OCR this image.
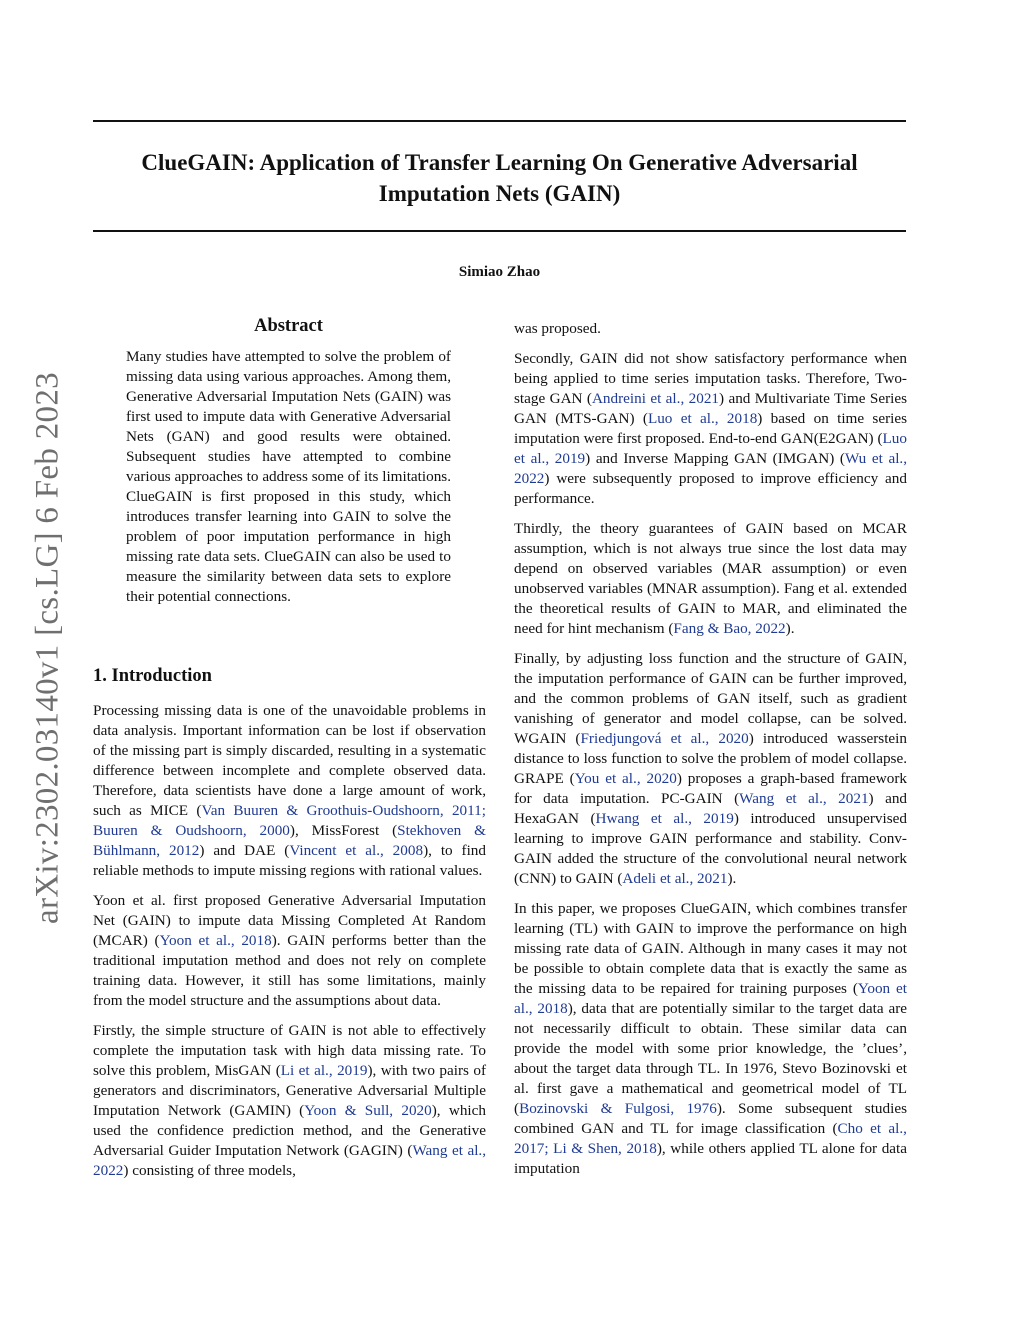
ClueGAIN: Application of Transfer Learning On Generative Adversarial
Imputation Nets (GAIN)
Simiao Zhao
arXiv:2302.03140v1 [cs.LG] 6 Feb 2023
Abstract

Many studies have attempted to solve the problem of missing data using various approaches. Among them, Generative Adversarial Imputation Nets (GAIN) was first used to impute data with Generative Adversarial Nets (GAN) and good results were obtained. Subsequent studies have attempted to combine various approaches to address some of its limitations. ClueGAIN is first proposed in this study, which introduces transfer learning into GAIN to solve the problem of poor imputation performance in high missing rate data sets. ClueGAIN can also be used to measure the similarity between data sets to explore their potential connections.

1. Introduction

Processing missing data is one of the unavoidable problems in data analysis. Important information can be lost if observation of the missing part is simply discarded, resulting in a systematic difference between incomplete and complete observed data. Therefore, data scientists have done a large amount of work, such as MICE (Van Buuren & Groothuis-Oudshoorn, 2011; Buuren & Oudshoorn, 2000), MissForest (Stekhoven & Bühlmann, 2012) and DAE (Vincent et al., 2008), to find reliable methods to impute missing regions with rational values.

Yoon et al. first proposed Generative Adversarial Imputation Net (GAIN) to impute data Missing Completed At Random (MCAR) (Yoon et al., 2018). GAIN performs better than the traditional imputation method and does not rely on complete training data. However, it still has some limitations, mainly from the model structure and the assumptions about data.

Firstly, the simple structure of GAIN is not able to effectively complete the imputation task with high data missing rate. To solve this problem, MisGAN (Li et al., 2019), with two pairs of generators and discriminators, Generative Adversarial Multiple Imputation Network (GAMIN) (Yoon & Sull, 2020), which used the confidence prediction method, and the Generative Adversarial Guider Imputation Network (GAGIN) (Wang et al., 2022) consisting of three models,

was proposed.

Secondly, GAIN did not show satisfactory performance when being applied to time series imputation tasks. Therefore, Two-stage GAN (Andreini et al., 2021) and Multivariate Time Series GAN (MTS-GAN) (Luo et al., 2018) based on time series imputation were first proposed. End-to-end GAN(E2GAN) (Luo et al., 2019) and Inverse Mapping GAN (IMGAN) (Wu et al., 2022) were subsequently proposed to improve efficiency and performance.

Thirdly, the theory guarantees of GAIN based on MCAR assumption, which is not always true since the lost data may depend on observed variables (MAR assumption) or even unobserved variables (MNAR assumption). Fang et al. extended the theoretical results of GAIN to MAR, and eliminated the need for hint mechanism (Fang & Bao, 2022).

Finally, by adjusting loss function and the structure of GAIN, the imputation performance of GAIN can be further improved, and the common problems of GAN itself, such as gradient vanishing of generator and model collapse, can be solved. WGAIN (Friedjungová et al., 2020) introduced wasserstein distance to loss function to solve the problem of model collapse. GRAPE (You et al., 2020) proposes a graph-based framework for data imputation. PC-GAIN (Wang et al., 2021) and HexaGAN (Hwang et al., 2019) introduced unsupervised learning to improve GAIN performance and stability. Conv-GAIN added the structure of the convolutional neural network (CNN) to GAIN (Adeli et al., 2021).

In this paper, we proposes ClueGAIN, which combines transfer learning (TL) with GAIN to improve the performance on high missing rate data of GAIN. Although in many cases it may not be possible to obtain complete data that is exactly the same as the missing data to be repaired for training purposes (Yoon et al., 2018), data that are potentially similar to the target data are not necessarily difficult to obtain. These similar data can provide the model with some prior knowledge, the ’clues’, about the target data through TL. In 1976, Stevo Bozinovski et al. first gave a mathematical and geometrical model of TL (Bozinovski & Fulgosi, 1976). Some subsequent studies combined GAN and TL for image classification (Cho et al., 2017; Li & Shen, 2018), while others applied TL alone for data imputation
